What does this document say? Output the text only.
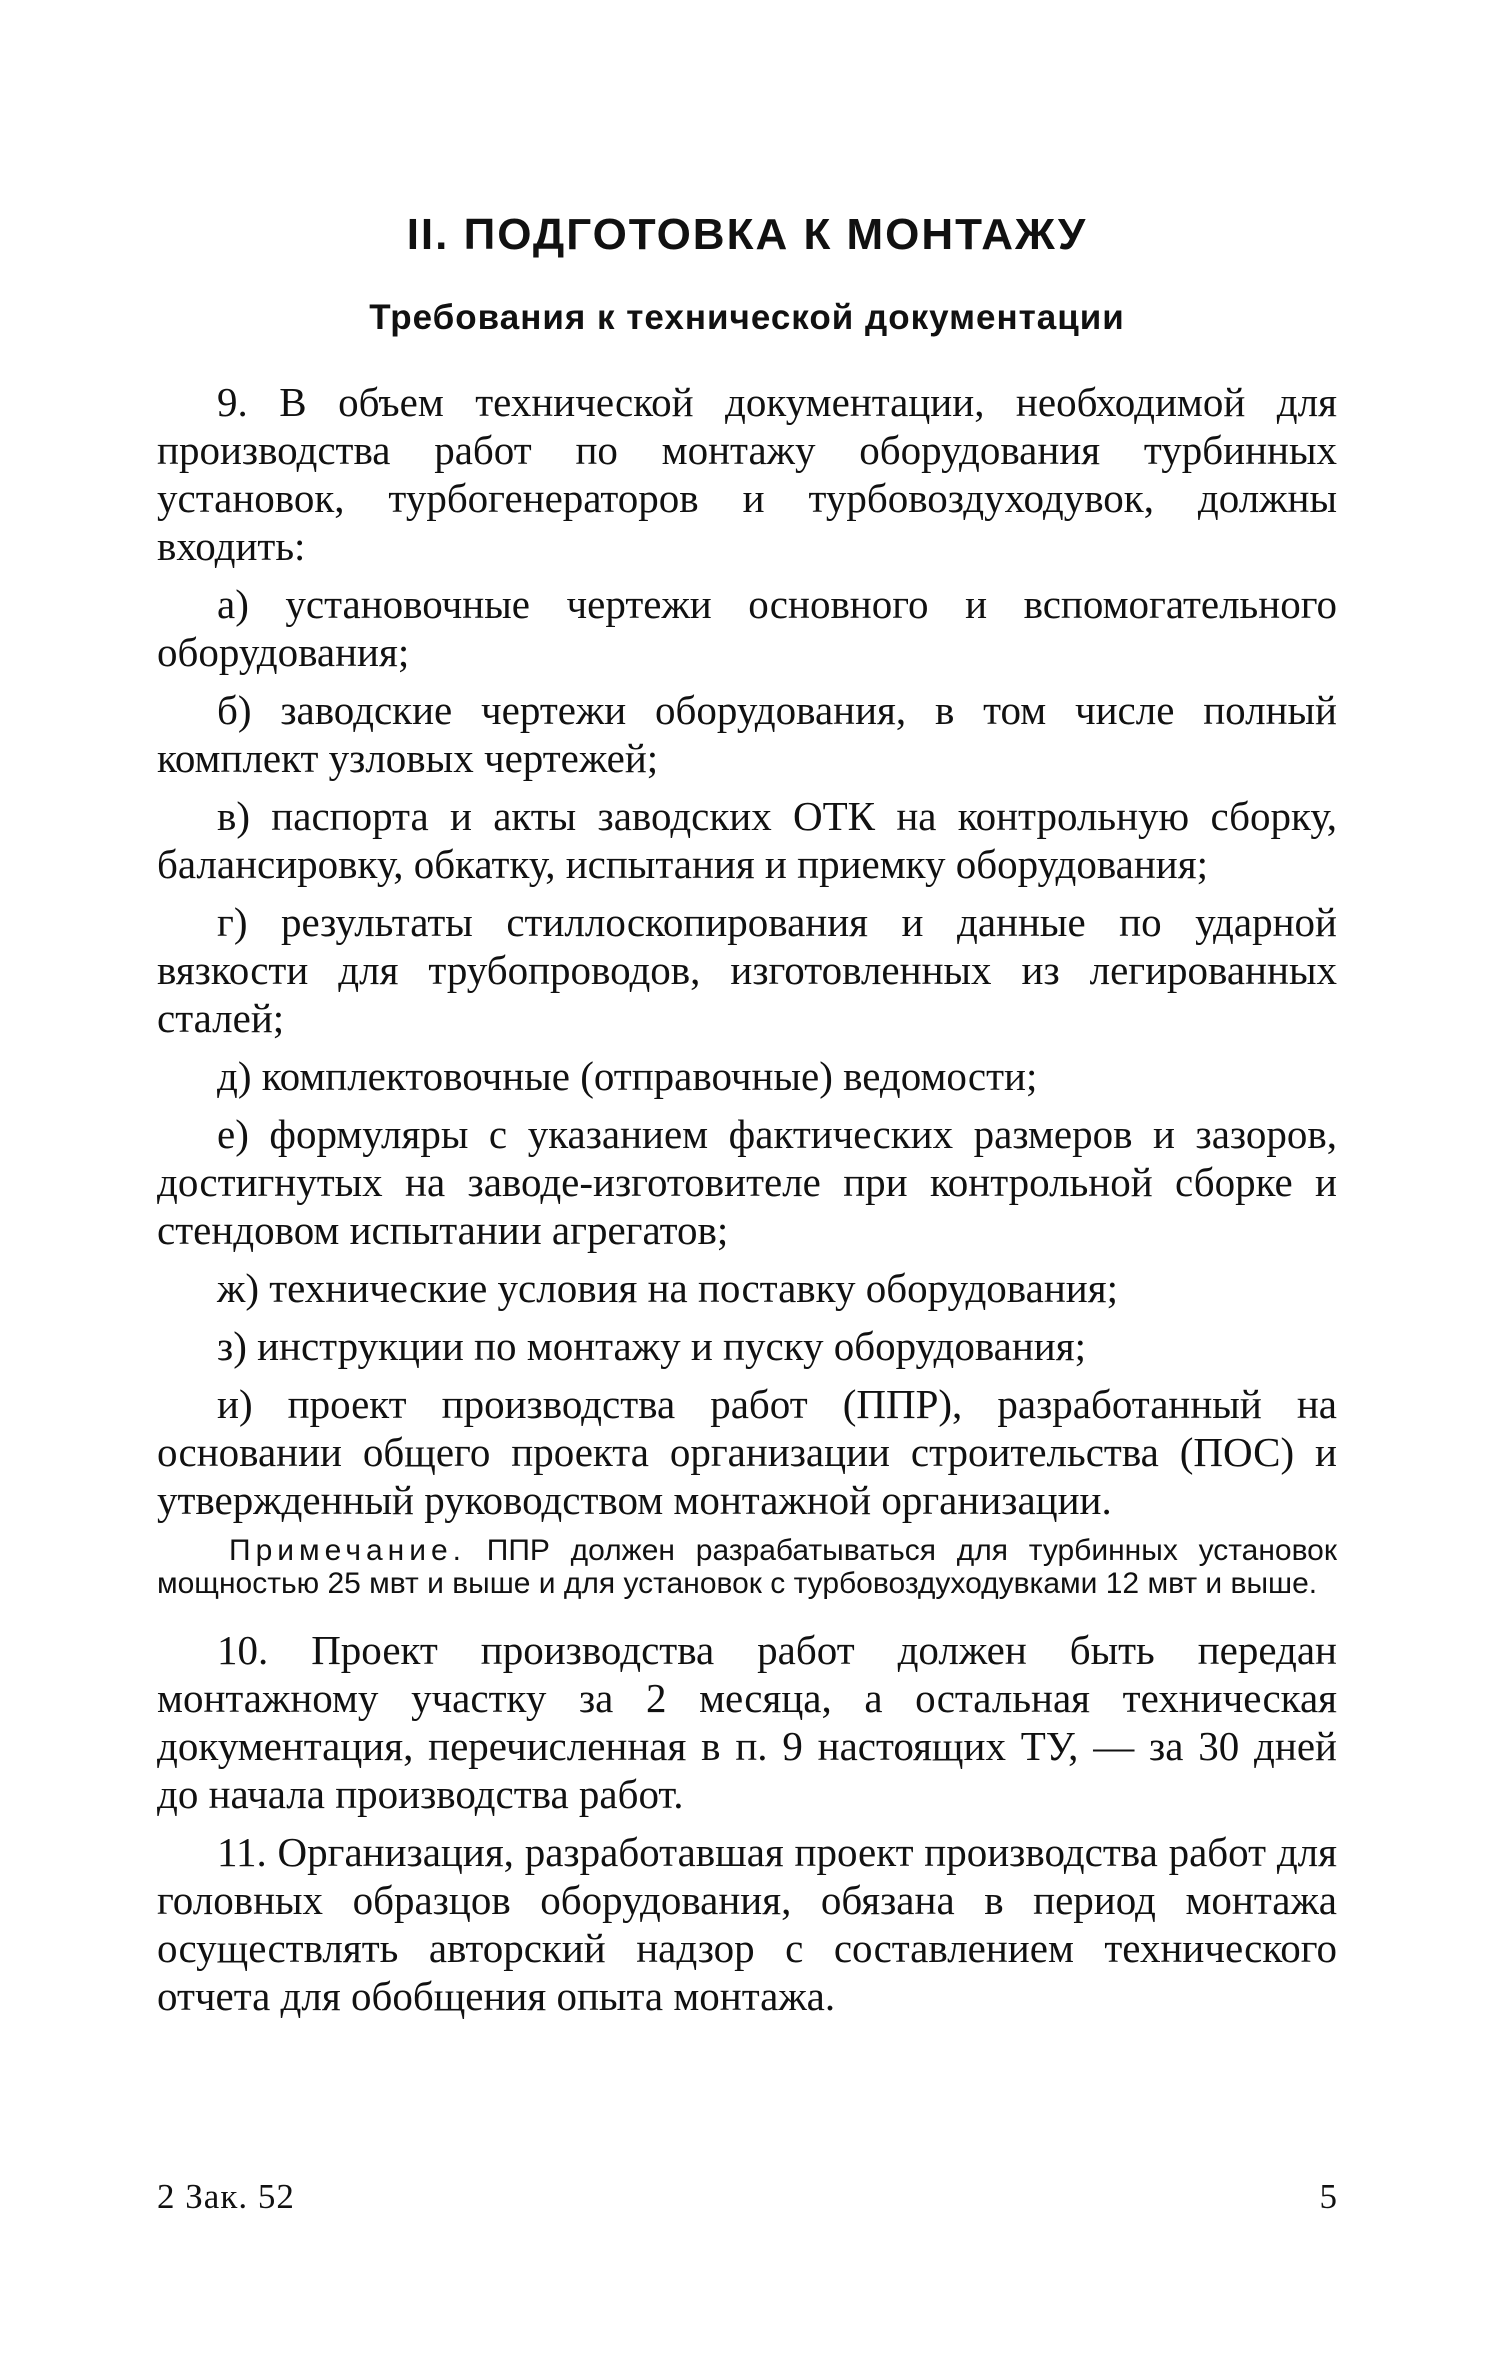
II. ПОДГОТОВКА К МОНТАЖУ
Требования к технической документации

9. В объем технической документации, необходимой для производства работ по монтажу оборудования турбинных установок, турбогенераторов и турбовоздуходувок, должны входить:

а) установочные чертежи основного и вспомогательного оборудования;

б) заводские чертежи оборудования, в том числе полный комплект узловых чертежей;

в) паспорта и акты заводских ОТК на контрольную сборку, балансировку, обкатку, испытания и приемку оборудования;

г) результаты стиллоскопирования и данные по ударной вязкости для трубопроводов, изготовленных из легированных сталей;

д) комплектовочные (отправочные) ведомости;

е) формуляры с указанием фактических размеров и зазоров, достигнутых на заводе-изготовителе при контрольной сборке и стендовом испытании агрегатов;

ж) технические условия на поставку оборудования;

з) инструкции по монтажу и пуску оборудования;

и) проект производства работ (ППР), разработанный на основании общего проекта организации строительства (ПОС) и утвержденный руководством монтажной организации.

Примечание. ППР должен разрабатываться для турбинных установок мощностью 25 мвт и выше и для установок с турбовоздуходувками 12 мвт и выше.

10. Проект производства работ должен быть передан монтажному участку за 2 месяца, а остальная техническая документация, перечисленная в п. 9 настоящих ТУ, — за 30 дней до начала производства работ.

11. Организация, разработавшая проект производства работ для головных образцов оборудования, обязана в период монтажа осуществлять авторский надзор с составлением технического отчета для обобщения опыта монтажа.

2 Зак. 52	5
